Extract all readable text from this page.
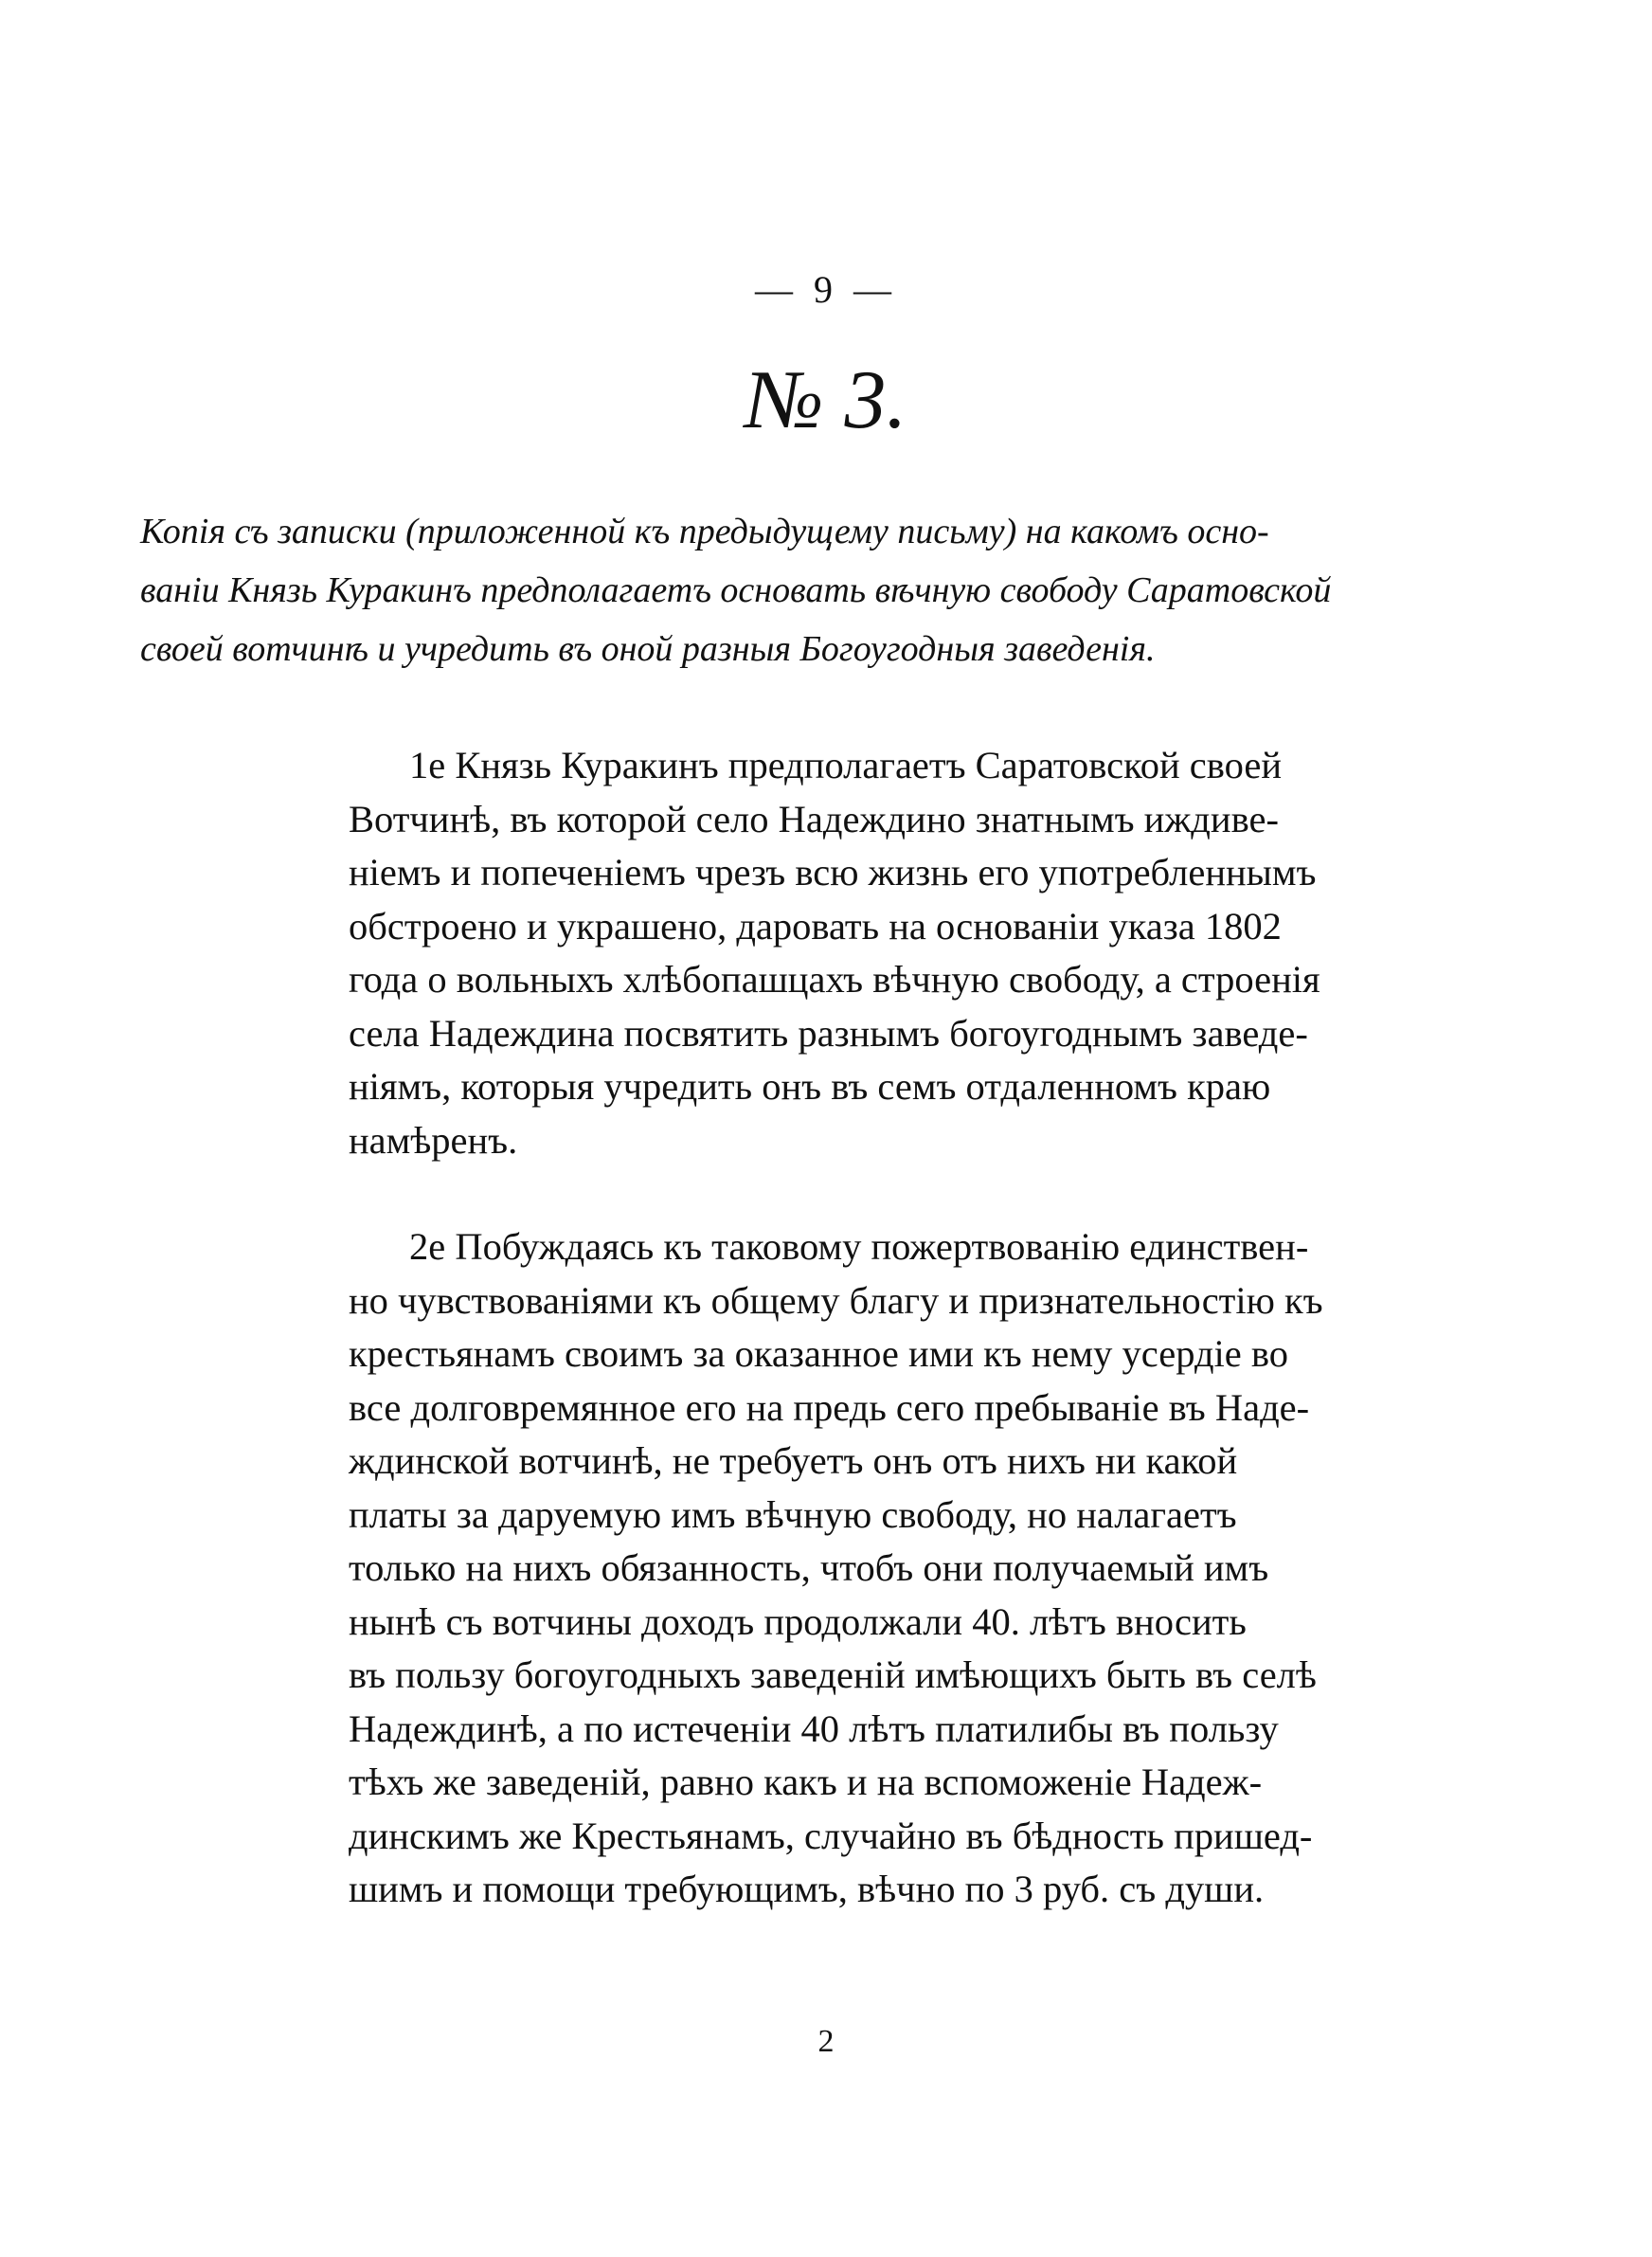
— 9 —
№ 3.
Копія съ записки (приложенной къ предыдущему письму) на какомъ осно-
ваніи Князь Куракинъ предполагаетъ основать вѣчную свободу Саратовской
своей вотчинѣ и учредить въ оной разныя Богоугодныя заведенія.
1е Князь Куракинъ предполагаетъ Саратовской своей
Вотчинѣ, въ которой село Надеждино знатнымъ иждиве-
ніемъ и попеченіемъ чрезъ всю жизнь его употребленнымъ
обстроено и украшено, даровать на основаніи указа 1802
года о вольныхъ хлѣбопашцахъ вѣчную свободу, а строенія
села Надеждина посвятить разнымъ богоугоднымъ заведе-
ніямъ, которыя учредить онъ въ семъ отдаленномъ краю
намѣренъ.
2е Побуждаясь къ таковому пожертвованію единствен-
но чувствованіями къ общему благу и признательностію къ
крестьянамъ своимъ за оказанное ими къ нему усердіе во
все долговремянное его на предь сего пребываніе въ Наде-
ждинской вотчинѣ, не требуетъ онъ отъ нихъ ни какой
платы за даруемую имъ вѣчную свободу, но налагаетъ
только на нихъ обязанность, чтобъ они получаемый имъ
нынѣ съ вотчины доходъ продолжали 40. лѣтъ вносить
въ пользу богоугодныхъ заведеній имѣющихъ быть въ селѣ
Надеждинѣ, а по истеченіи 40 лѣтъ платилибы въ пользу
тѣхъ же заведеній, равно какъ и на вспоможеніе Надеж-
динскимъ же Крестьянамъ, случайно въ бѣдность пришед-
шимъ и помощи требующимъ, вѣчно по 3 руб. съ души.
2
